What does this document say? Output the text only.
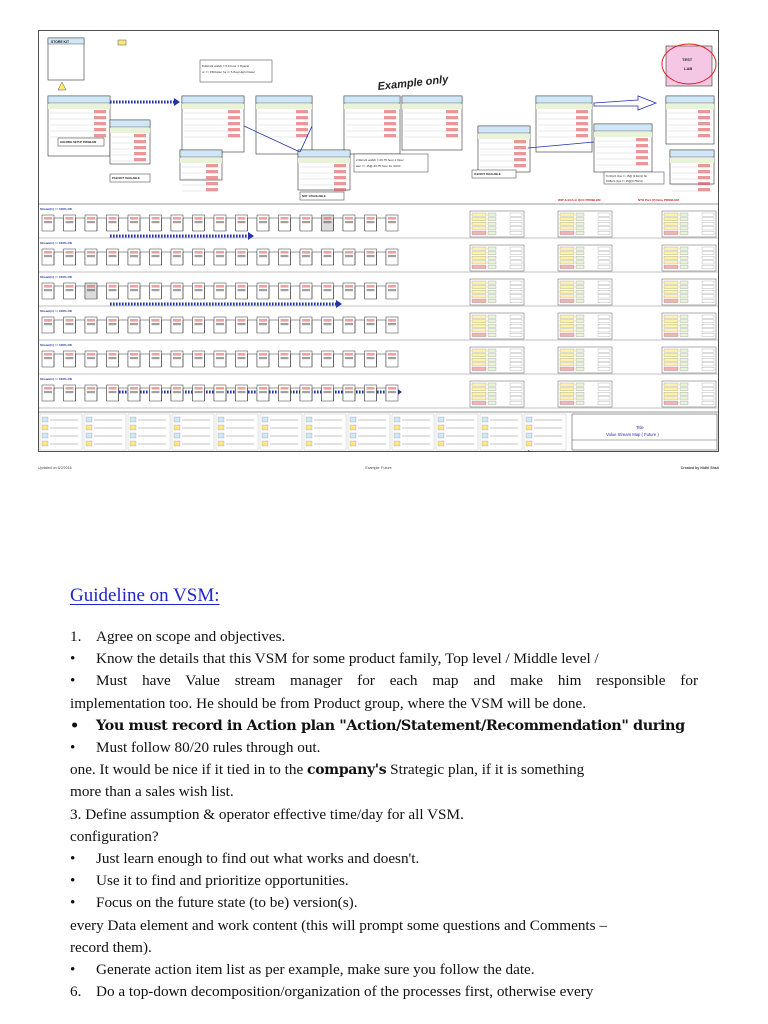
STORE KIT
TEST
LAB
Example only
8.0Hrs/1 wafch = 5.0 hour 1 Operat
or => 150/Hour for C.T./Avg High Power
2.0Hrs/1 wafch = 20.75 hour 1 Oper
ator => 15@ 20.75 hour for 3rd D
Tot Do=1 Ope => 15@ (3.0Hr/1) No
PCBs=1 Ope => 15@(0.75Hr/1)
HOLDING SETUP PROBLEM
PCB NOT AVAILABLE
ICB NOT AVAILABLE
NOT 1/AVAILABLE
WIP & ECA in QCC PROBLEM	NTH Part (if) Note PROBLEM
Stream(1) == 100% OK
Stream(1) == 100% OK
Stream(1) == 100% OK
Stream(1) == 100% OK
Stream(1) == 100% OK
Stream(1) == 100% OK
Title
Value Stream Map ( Future )
Updated on 6/2/2016	Example: Future	Created by Nidhi Shah
Guideline on VSM:

1. Agree on scope and objectives.

• Know the details that this VSM for some product family, Top level / Middle level /

• Must have Value stream manager for each map and make him responsible for

implementation too. He should be from Product group, where the VSM will be done.

• You must record in Action plan "Action/Statement/Recommendation" during

• Must follow 80/20 rules through out.

one. It would be nice if it tied in to the company's Strategic plan, if it is something

more than a sales wish list.

3. Define assumption & operator effective time/day for all VSM.

configuration?

• Just learn enough to find out what works and doesn't.

• Use it to find and prioritize opportunities.

• Focus on the future state (to be) version(s).

every Data element and work content (this will prompt some questions and Comments –

record them).

• Generate action item list as per example, make sure you follow the date.

6. Do a top-down decomposition/organization of the processes first, otherwise every
